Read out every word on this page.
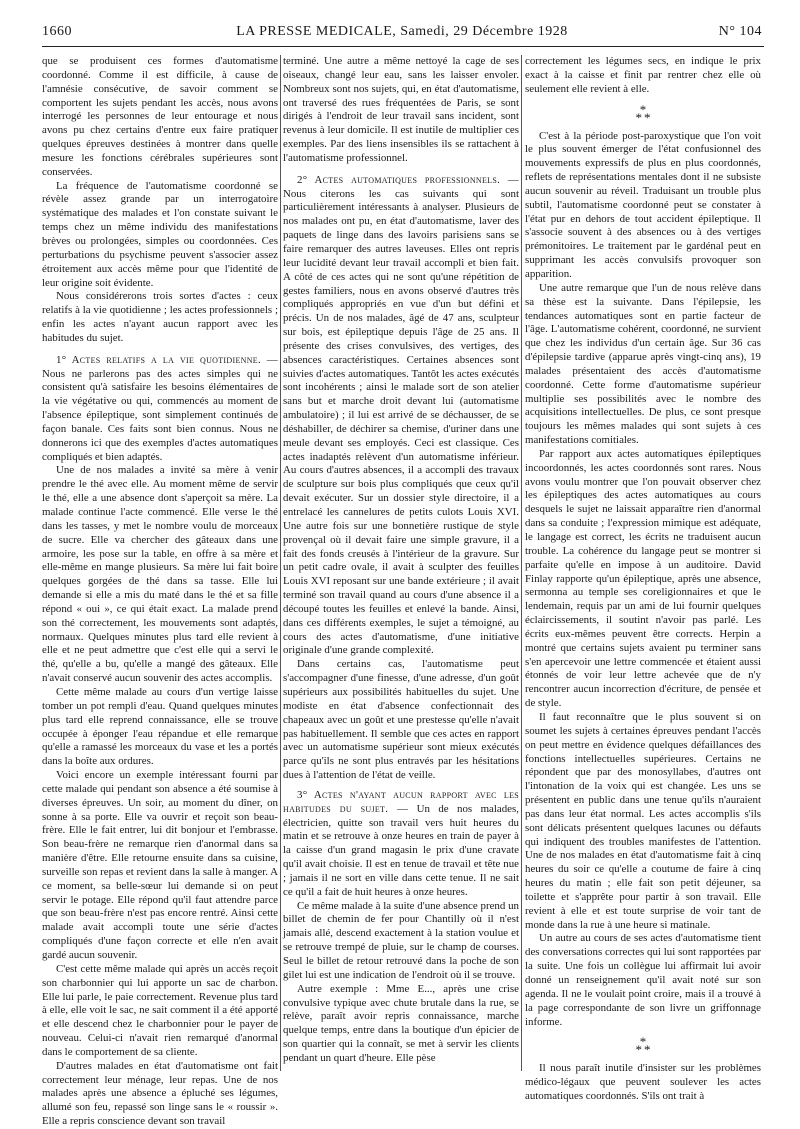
1660	LA PRESSE MEDICALE, Samedi, 29 Décembre 1928	N° 104

que se produisent ces formes d'automatisme coordonné. Comme il est difficile, à cause de l'amnésie consécutive, de savoir comment se comportent les sujets pendant les accès, nous avons interrogé les personnes de leur entourage et nous avons pu chez certains d'entre eux faire pratiquer quelques épreuves destinées à montrer dans quelle mesure les fonctions cérébrales supérieures sont conservées.

La fréquence de l'automatisme coordonné se révèle assez grande par un interrogatoire systématique des malades et l'on constate suivant le temps chez un même individu des manifestations brèves ou prolongées, simples ou coordonnées. Ces perturbations du psychisme peuvent s'associer assez étroitement aux accès même pour que l'identité de leur origine soit évidente.

Nous considérerons trois sortes d'actes : ceux relatifs à la vie quotidienne ; les actes professionnels ; enfin les actes n'ayant aucun rapport avec les habitudes du sujet.

1° Actes relatifs a la vie quotidienne. — Nous ne parlerons pas des actes simples qui ne consistent qu'à satisfaire les besoins élémentaires de la vie végétative ou qui, commencés au moment de l'absence épileptique, sont simplement continués de façon banale. Ces faits sont bien connus. Nous ne donnerons ici que des exemples d'actes automatiques compliqués et bien adaptés.

Une de nos malades a invité sa mère à venir prendre le thé avec elle. Au moment même de servir le thé, elle a une absence dont s'aperçoit sa mère. La malade continue l'acte commencé. Elle verse le thé dans les tasses, y met le nombre voulu de morceaux de sucre. Elle va chercher des gâteaux dans une armoire, les pose sur la table, en offre à sa mère et elle-même en mange plusieurs. Sa mère lui fait boire quelques gorgées de thé dans sa tasse. Elle lui demande si elle a mis du maté dans le thé et sa fille répond « oui », ce qui était exact. La malade prend son thé correctement, les mouvements sont adaptés, normaux. Quelques minutes plus tard elle revient à elle et ne peut admettre que c'est elle qui a servi le thé, qu'elle a bu, qu'elle a mangé des gâteaux. Elle n'avait conservé aucun souvenir des actes accomplis.

Cette même malade au cours d'un vertige laisse tomber un pot rempli d'eau. Quand quelques minutes plus tard elle reprend connaissance, elle se trouve occupée à éponger l'eau répandue et elle remarque qu'elle a ramassé les morceaux du vase et les a portés dans la boîte aux ordures.

Voici encore un exemple intéressant fourni par cette malade qui pendant son absence a été soumise à diverses épreuves. Un soir, au moment du dîner, on sonne à sa porte. Elle va ouvrir et reçoit son beau-frère. Elle le fait entrer, lui dit bonjour et l'embrasse. Son beau-frère ne remarque rien d'anormal dans sa manière d'être. Elle retourne ensuite dans sa cuisine, surveille son repas et revient dans la salle à manger. A ce moment, sa belle-sœur lui demande si on peut servir le potage. Elle répond qu'il faut attendre parce que son beau-frère n'est pas encore rentré. Ainsi cette malade avait accompli toute une série d'actes compliqués d'une façon correcte et elle n'en avait gardé aucun souvenir.

C'est cette même malade qui après un accès reçoit son charbonnier qui lui apporte un sac de charbon. Elle lui parle, le paie correctement. Revenue plus tard à elle, elle voit le sac, ne sait comment il a été apporté et elle descend chez le charbonnier pour le payer de nouveau. Celui-ci n'avait rien remarqué d'anormal dans le comportement de sa cliente.

D'autres malades en état d'automatisme ont fait correctement leur ménage, leur repas. Une de nos malades après une absence a épluché ses légumes, allumé son feu, repassé son linge sans le « roussir ». Elle a repris conscience devant son travail

terminé. Une autre a même nettoyé la cage de ses oiseaux, changé leur eau, sans les laisser envoler. Nombreux sont nos sujets, qui, en état d'automatisme, ont traversé des rues fréquentées de Paris, se sont dirigés à l'endroit de leur travail sans incident, sont revenus à leur domicile. Il est inutile de multiplier ces exemples. Par des liens insensibles ils se rattachent à l'automatisme professionnel.

2° Actes automatiques professionnels. — Nous citerons les cas suivants qui sont particulièrement intéressants à analyser. Plusieurs de nos malades ont pu, en état d'automatisme, laver des paquets de linge dans des lavoirs parisiens sans se faire remarquer des autres laveuses. Elles ont repris leur lucidité devant leur travail accompli et bien fait. A côté de ces actes qui ne sont qu'une répétition de gestes familiers, nous en avons observé d'autres très compliqués appropriés en vue d'un but défini et précis. Un de nos malades, âgé de 47 ans, sculpteur sur bois, est épileptique depuis l'âge de 25 ans. Il présente des crises convulsives, des vertiges, des absences caractéristiques. Certaines absences sont suivies d'actes automatiques. Tantôt les actes exécutés sont incohérents ; ainsi le malade sort de son atelier sans but et marche droit devant lui (automatisme ambulatoire) ; il lui est arrivé de se déchausser, de se déshabiller, de déchirer sa chemise, d'uriner dans une meule devant ses employés. Ceci est classique. Ces actes inadaptés relèvent d'un automatisme inférieur. Au cours d'autres absences, il a accompli des travaux de sculpture sur bois plus compliqués que ceux qu'il devait exécuter. Sur un dossier style directoire, il a entrelacé les cannelures de petits culots Louis XVI. Une autre fois sur une bonnetière rustique de style provençal où il devait faire une simple gravure, il a fait des fonds creusés à l'intérieur de la gravure. Sur un petit cadre ovale, il avait à sculpter des feuilles Louis XVI reposant sur une bande extérieure ; il avait terminé son travail quand au cours d'une absence il a découpé toutes les feuilles et enlevé la bande. Ainsi, dans ces différents exemples, le sujet a témoigné, au cours des actes d'automatisme, d'une initiative originale d'une grande complexité.

Dans certains cas, l'automatisme peut s'accompagner d'une finesse, d'une adresse, d'un goût supérieurs aux possibilités habituelles du sujet. Une modiste en état d'absence confectionnait des chapeaux avec un goût et une prestesse qu'elle n'avait pas habituellement. Il semble que ces actes en rapport avec un automatisme supérieur sont mieux exécutés parce qu'ils ne sont plus entravés par les hésitations dues à l'attention de l'état de veille.

3° Actes n'ayant aucun rapport avec les habitudes du sujet. — Un de nos malades, électricien, quitte son travail vers huit heures du matin et se retrouve à onze heures en train de payer à la caisse d'un grand magasin le prix d'une cravate qu'il avait choisie. Il est en tenue de travail et tête nue ; jamais il ne sort en ville dans cette tenue. Il ne sait ce qu'il a fait de huit heures à onze heures.

Ce même malade à la suite d'une absence prend un billet de chemin de fer pour Chantilly où il n'est jamais allé, descend exactement à la station voulue et se retrouve trempé de pluie, sur le champ de courses. Seul le billet de retour retrouvé dans la poche de son gilet lui est une indication de l'endroit où il se trouve.

Autre exemple : Mme E..., après une crise convulsive typique avec chute brutale dans la rue, se relève, paraît avoir repris connaissance, marche quelque temps, entre dans la boutique d'un épicier de son quartier qui la connaît, se met à servir les clients pendant un quart d'heure. Elle pèse

correctement les légumes secs, en indique le prix exact à la caisse et finit par rentrer chez elle où seulement elle revient à elle.

*
* *

C'est à la période post-paroxystique que l'on voit le plus souvent émerger de l'état confusionnel des mouvements expressifs de plus en plus coordonnés, reflets de représentations mentales dont il ne subsiste aucun souvenir au réveil. Traduisant un trouble plus subtil, l'automatisme coordonné peut se constater à l'état pur en dehors de tout accident épileptique. Il s'associe souvent à des absences ou à des vertiges prémonitoires. Le traitement par le gardénal peut en supprimant les accès convulsifs provoquer son apparition.

Une autre remarque que l'un de nous relève dans sa thèse est la suivante. Dans l'épilepsie, les tendances automatiques sont en partie facteur de l'âge. L'automatisme cohérent, coordonné, ne survient que chez les individus d'un certain âge. Sur 36 cas d'épilepsie tardive (apparue après vingt-cinq ans), 19 malades présentaient des accès d'automatisme coordonné. Cette forme d'automatisme supérieur multiplie ses possibilités avec le nombre des acquisitions intellectuelles. De plus, ce sont presque toujours les mêmes malades qui sont sujets à ces manifestations comitiales.

Par rapport aux actes automatiques épileptiques incoordonnés, les actes coordonnés sont rares. Nous avons voulu montrer que l'on pouvait observer chez les épileptiques des actes automatiques au cours desquels le sujet ne laissait apparaître rien d'anormal dans sa conduite ; l'expression mimique est adéquate, le langage est correct, les écrits ne traduisent aucun trouble. La cohérence du langage peut se montrer si parfaite qu'elle en impose à un auditoire. David Finlay rapporte qu'un épileptique, après une absence, sermonna au temple ses coreligionnaires et que le lendemain, requis par un ami de lui fournir quelques éclaircissements, il soutint n'avoir pas parlé. Les écrits eux-mêmes peuvent être corrects. Herpin a montré que certains sujets avaient pu terminer sans s'en apercevoir une lettre commencée et étaient aussi étonnés de voir leur lettre achevée que de n'y rencontrer aucun incorrection d'écriture, de pensée et de style.

Il faut reconnaître que le plus souvent si on soumet les sujets à certaines épreuves pendant l'accès on peut mettre en évidence quelques défaillances des fonctions intellectuelles supérieures. Certains ne répondent que par des monosyllabes, d'autres ont l'intonation de la voix qui est changée. Les uns se présentent en public dans une tenue qu'ils n'auraient pas dans leur état normal. Les actes accomplis s'ils sont délicats présentent quelques lacunes ou défauts qui indiquent des troubles manifestes de l'attention. Une de nos malades en état d'automatisme fait à cinq heures du soir ce qu'elle a coutume de faire à cinq heures du matin ; elle fait son petit déjeuner, sa toilette et s'apprête pour partir à son travail. Elle revient à elle et est toute surprise de voir tant de monde dans la rue à une heure si matinale.

Un autre au cours de ses actes d'automatisme tient des conversations correctes qui lui sont rapportées par la suite. Une fois un collègue lui affirmait lui avoir donné un renseignement qu'il avait noté sur son agenda. Il ne le voulait point croire, mais il a trouvé à la page correspondante de son livre un griffonnage informe.

*
* *

Il nous paraît inutile d'insister sur les problèmes médico-légaux que peuvent soulever les actes automatiques coordonnés. S'ils ont trait à
